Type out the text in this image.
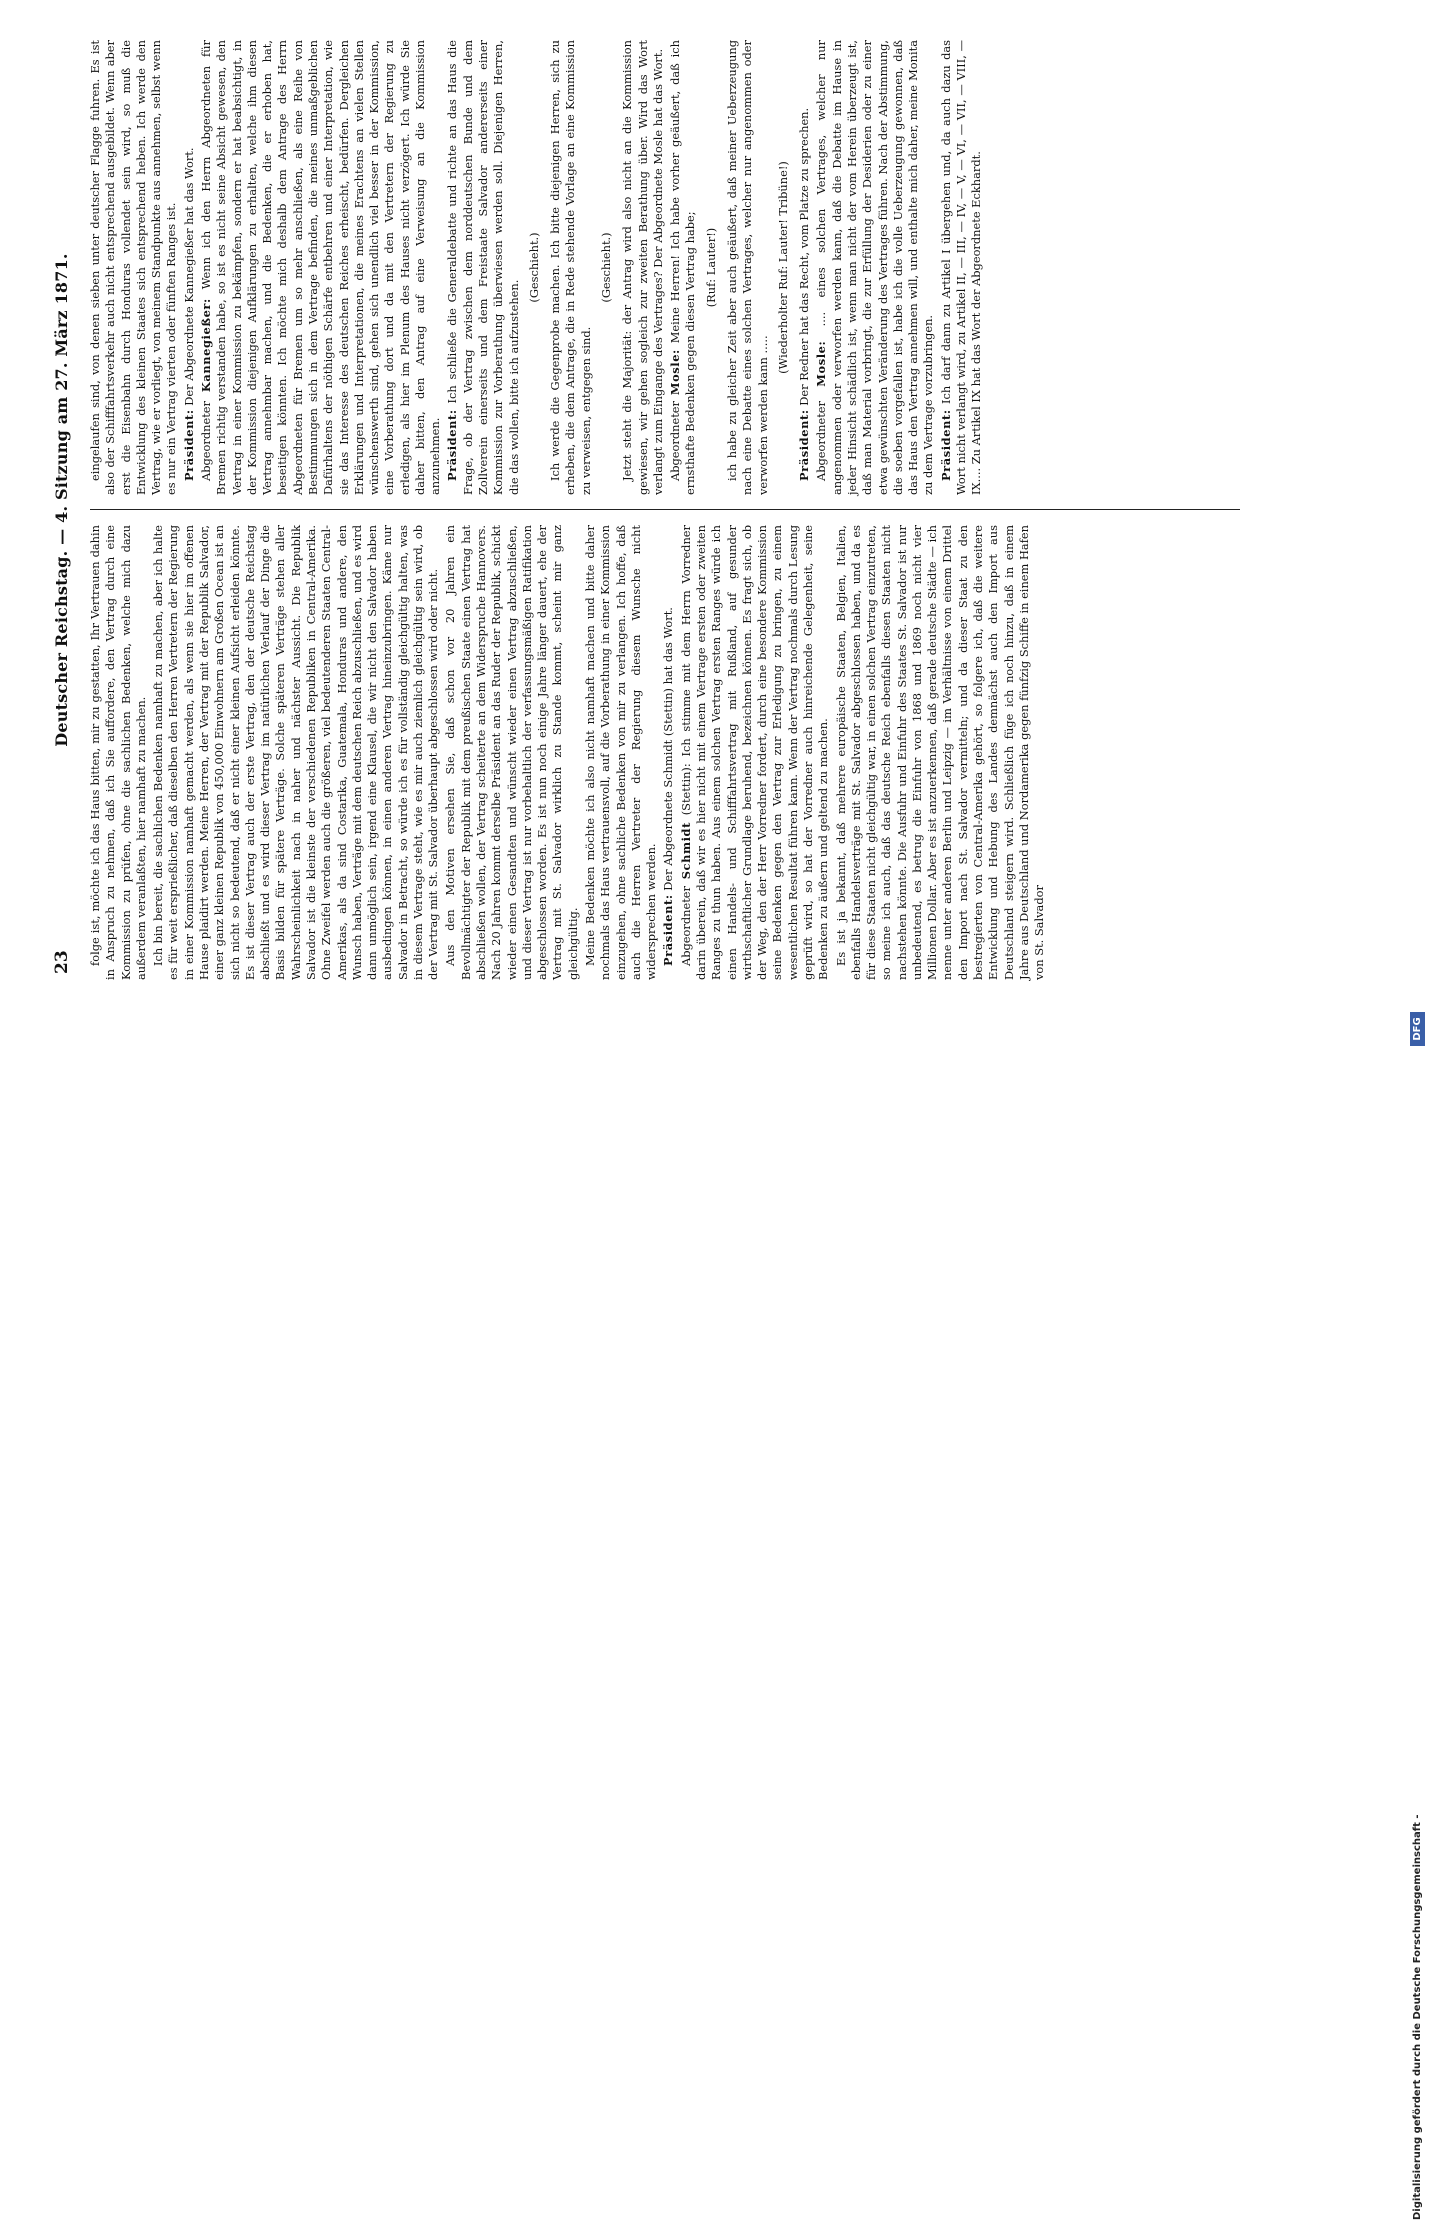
23
Deutscher Reichstag. — 4. Sitzung am 27. März 1871. folge ist, möchte ich das Haus bitten, mir zu gestatten, Ihr Vertrauen dahin in Anspruch zu nehmen, daß ich Sie auffordere, den Vertrag durch eine Kommission zu prüfen, ohne die sachlichen Bedenken, welche mich dazu außerdem veranlaßten, hier namhaft zu machen. Ich bin bereit, die sachlichen Bedenken namhaft zu machen, aber ich halte es für weit ersprießlicher, daß dieselben den Herren Vertretern der Regierung in einer Kommission namhaft gemacht werden, als wenn sie hier im offenen Hause plaidirt werden. Meine Herren, der Vertrag mit der Republik Salvador, einer ganz kleinen Republik von 450,000 Einwohnern am Großen Ocean ist an sich nicht so bedeutend, daß er nicht einer kleinen Aufsicht erleiden könnte. Es ist dieser Vertrag auch der erste Vertrag, den der deutsche Reichstag abschließt und es wird dieser Vertrag im natürlichen Verlauf der Dinge die Basis bilden für spätere Verträge. Solche späteren Verträge stehen aller Wahrscheinlichkeit nach in naher und nächster Aussicht. Die Republik Salvador ist die kleinste der verschiedenen Republiken in Central-Amerika. Ohne Zweifel werden auch die größeren, viel bedeutenderen Staaten Central-Amerikas, als da sind Costarika, Guatemala, Honduras und andere, den Wunsch haben, Verträge mit dem deutschen Reich abzuschließen, und es wird dann unmöglich sein, irgend eine Klausel, die wir nicht den Salvador haben ausbedingen können, in einen anderen Vertrag hineinzubringen. Käme nur Salvador in Betracht, so würde ich es für vollständig gleichgültig halten, was in diesem Vertrage steht, wie es mir auch ziemlich gleichgültig sein wird, ob der Vertrag mit St. Salvador überhaupt abgeschlossen wird oder nicht. Aus den Motiven ersehen Sie, daß schon vor 20 Jahren ein Bevollmächtigter der Republik mit dem preußischen Staate einen Vertrag hat abschließen wollen, der Vertrag scheiterte an dem Widerspruche Hannovers. Nach 20 Jahren kommt derselbe Präsident an das Ruder der Republik, schickt wieder einen Gesandten und wünscht wieder einen Vertrag abzuschließen, und dieser Vertrag ist nur vorbehaltlich der verfassungsmäßigen Ratifikation abgeschlossen worden. Es ist nun noch einige Jahre länger dauert, ehe der Vertrag mit St. Salvador wirklich zu Stande kommt, scheint mir ganz gleichgültig. Meine Bedenken möchte ich also nicht namhaft machen und bitte daher nochmals das Haus vertrauensvoll, auf die Vorberathung in einer Kommission einzugehen, ohne sachliche Bedenken von mir zu verlangen. Ich hoffe, daß auch die Herren Vertreter der Regierung diesem Wunsche nicht widersprechen werden. Präsident: Der Abgeordnete Schmidt (Stettin) hat das Wort.

Abgeordneter Schmidt (Stettin): Ich stimme mit dem Herrn Vorredner darin überein, daß wir es hier nicht mit einem Vertrage ersten oder zweiten Ranges zu thun haben. Aus einem solchen Vertrag ersten Ranges würde ich einen Handels- und Schifffahrtsvertrag mit Rußland, auf gesunder wirthschaftlicher Grundlage beruhend, bezeichnen können. Es fragt sich, ob der Weg, den der Herr Vorredner fordert, durch eine besondere Kommission seine Bedenken gegen den Vertrag zur Erledigung zu bringen, zu einem wesentlichen Resultat führen kann. Wenn der Vertrag nochmals durch Lesung geprüft wird, so hat der Vorredner auch hinreichende Gelegenheit, seine Bedenken zu äußern und geltend zu machen. Es ist ja bekannt, daß mehrere europäische Staaten, Belgien, Italien, ebenfalls Handelsverträge mit St. Salvador abgeschlossen haben, und da es für diese Staaten nicht gleichgültig war, in einen solchen Vertrag einzutreten, so meine ich auch, daß das deutsche Reich ebenfalls diesen Staaten nicht nachstehen könnte. Die Ausfuhr und Einfuhr des Staates St. Salvador ist nur unbedeutend, es betrug die Einfuhr von 1868 und 1869 noch nicht vier Millionen Dollar. Aber es ist anzuerkennen, daß gerade deutsche Städte — ich nenne unter anderen Berlin und Leipzig — im Verhältnisse von einem Drittel den Import nach St. Salvador vermitteln; und da dieser Staat zu den bestregierten von Central-Amerika gehört, so folgere ich, daß die weitere Entwicklung und Hebung des Landes demnächst auch den Import aus Deutschland steigern wird. Schließlich füge ich noch hinzu, daß in einem Jahre aus Deutschland und Nordamerika gegen fünfzig Schiffe in einem Hafen von St. Salvador

eingelaufen sind, von denen sieben unter deutscher Flagge fuhren. Es ist also der Schifffahrtsverkehr auch nicht entsprechend ausgebildet. Wenn aber erst die Eisenbahn durch Honduras vollendet sein wird, so muß die Entwicklung des kleinen Staates sich entsprechend heben. Ich werde den Vertrag, wie er vorliegt, von meinem Standpunkte aus annehmen, selbst wenn es nur ein Vertrag vierten oder fünften Ranges ist. Präsident: Der Abgeordnete Kannegießer hat das Wort.

Abgeordneter Kannegießer: Wenn ich den Herrn Abgeordneten für Bremen richtig verstanden habe, so ist es nicht seine Absicht gewesen, den Vertrag in einer Kommission zu bekämpfen, sondern er hat beabsichtigt, in der Kommission diejenigen Aufklärungen zu erhalten, welche ihm diesen Vertrag annehmbar machen, und die Bedenken, die er erhoben hat, beseitigen könnten. Ich möchte mich deshalb dem Antrage des Herrn Abgeordneten für Bremen um so mehr anschließen, als eine Reihe von Bestimmungen sich in dem Vertrage befinden, die meines unmaßgeblichen Dafürhaltens der nöthigen Schärfe entbehren und einer Interpretation, wie sie das Interesse des deutschen Reiches erheischt, bedürfen. Dergleichen Erklärungen und Interpretationen, die meines Erachtens an vielen Stellen wünschenswerth sind, gehen sich unendlich viel besser in der Kommission, eine Vorberathung dort und da mit den Vertretern der Regierung zu erledigen, als hier im Plenum des Hauses nicht verzögert. Ich würde Sie daher bitten, den Antrag auf eine Verweisung an die Kommission anzunehmen. Präsident: Ich schließe die Generaldebatte und richte an das Haus die Frage, ob der Vertrag zwischen dem norddeutschen Bunde und dem Zollverein einerseits und dem Freistaate Salvador andererseits einer Kommission zur Vorberathung überwiesen werden soll. Diejenigen Herren, die das wollen, bitte ich aufzustehen.

(Geschieht.) Ich werde die Gegenprobe machen. Ich bitte diejenigen Herren, sich zu erheben, die dem Antrage, die in Rede stehende Vorlage an eine Kommission zu verweisen, entgegen sind.

(Geschieht.) Jetzt steht die Majorität: der Antrag wird also nicht an die Kommission gewiesen, wir gehen sogleich zur zweiten Berathung über. Wird das Wort verlangt zum Eingange des Vertrages? Der Abgeordnete Mosle hat das Wort. Abgeordneter Mosle: Meine Herren! Ich habe vorher geäußert, daß ich ernsthafte Bedenken gegen diesen Vertrag habe; (Ruf: Lauter!) ich habe zu gleicher Zeit aber auch geäußert, daß meiner Ueberzeugung nach eine Debatte eines solchen Vertrages, welcher nur angenommen oder verworfen werden kann .....

(Wiederholter Ruf: Lauter! Tribüne!)

Präsident: Der Redner hat das Recht, vom Platze zu sprechen.

Abgeordneter Mosle: .... eines solchen Vertrages, welcher nur angenommen oder verworfen werden kann, daß die Debatte im Hause in jeder Hinsicht schädlich ist, wenn man nicht der vom Herein überzeugt ist, daß man Material vorbringt, die zur Erfüllung der Desiderien oder zu einer etwa gewünschten Veränderung des Vertrages führen. Nach der Abstimmung, die soeben vorgefallen ist, habe ich die volle Ueberzeugung gewonnen, daß das Haus den Vertrag annehmen will, und enthalte mich daher, meine Monita zu dem Vertrage vorzubringen. Präsident: Ich darf dann zu Artikel I übergehen und, da auch dazu das Wort nicht verlangt wird, zu Artikel II, — III, — IV, — V, — VI, — VII, — VIII, — IX.... Zu Artikel IX hat das Wort der Abgeordnete Eckhardt.

Digitalisierung gefördert durch die Deutsche Forschungsgemeinschaft -
DFG
